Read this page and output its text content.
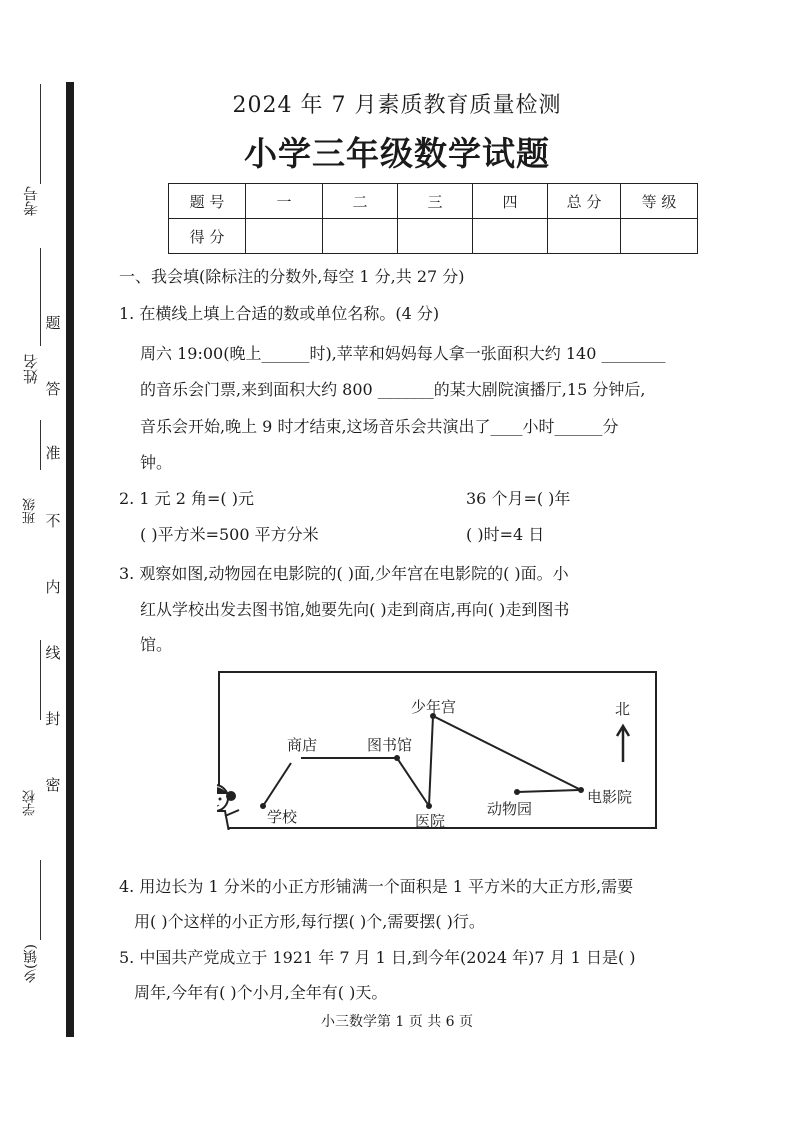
考号
姓名
班级
学校
乡(镇)
题
答
准
不
内
线
封
密
2024 年 7 月素质教育质量检测
小学三年级数学试题
题 号	一	二	三	四	总 分	等 级
得 分						
一、我会填(除标注的分数外,每空 1 分,共 27 分)
1. 在横线上填上合适的数或单位名称。(4 分)
周六 19:00(晚上______时),苹苹和妈妈每人拿一张面积大约 140 ________
的音乐会门票,来到面积大约 800 _______的某大剧院演播厅,15 分钟后,
音乐会开始,晚上 9 时才结束,这场音乐会共演出了____小时______分
钟。
2. 1 元 2 角=( )元	36 个月=( )年
( )平方米=500 平方分米	( )时=4 日
3. 观察如图,动物园在电影院的( )面,少年宫在电影院的( )面。小
红从学校出发去图书馆,她要先向( )走到商店,再向( )走到图书
馆。
学校
商店	图书馆
少年宫
医院
动物园
电影院
北
4. 用边长为 1 分米的小正方形铺满一个面积是 1 平方米的大正方形,需要
用( )个这样的小正方形,每行摆( )个,需要摆( )行。
5. 中国共产党成立于 1921 年 7 月 1 日,到今年(2024 年)7 月 1 日是( )
周年,今年有( )个小月,全年有( )天。
小三数学第 1 页 共 6 页
